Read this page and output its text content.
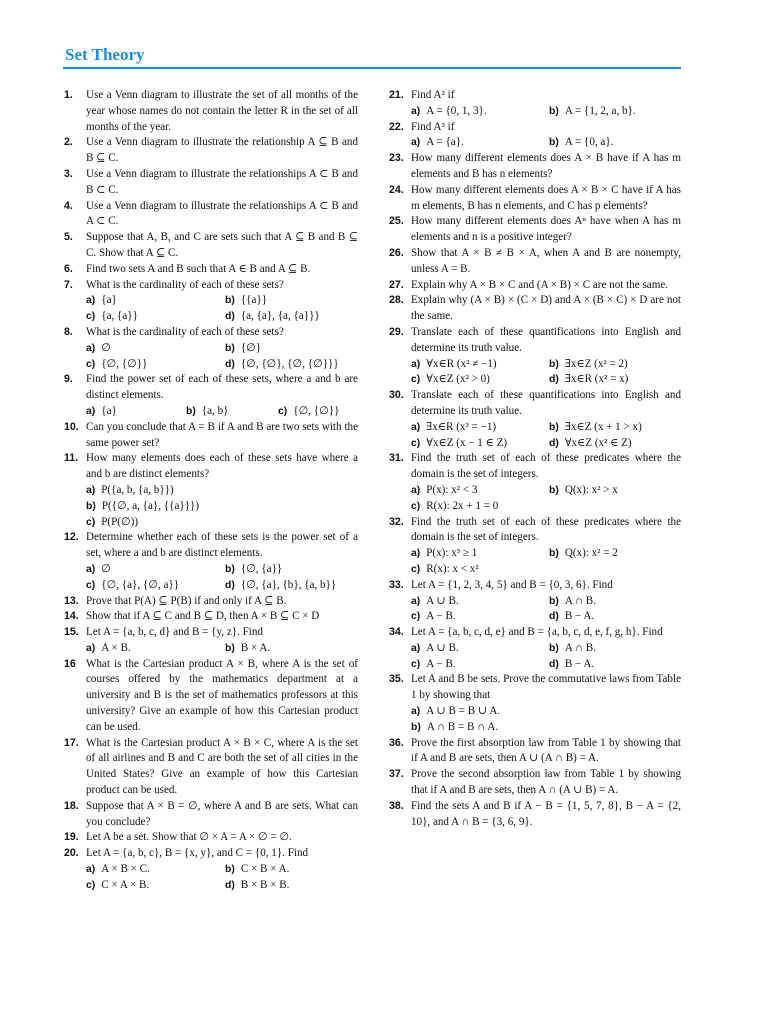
Set Theory
1. Use a Venn diagram to illustrate the set of all months of the year whose names do not contain the letter R in the set of all months of the year.
2. Use a Venn diagram to illustrate the relationship A ⊆ B and B ⊆ C.
3. Use a Venn diagram to illustrate the relationships A ⊂ B and B ⊂ C.
4. Use a Venn diagram to illustrate the relationships A ⊂ B and A ⊂ C.
5. Suppose that A, B, and C are sets such that A ⊆ B and B ⊆ C. Show that A ⊆ C.
6. Find two sets A and B such that A ∈ B and A ⊆ B.
7. What is the cardinality of each of these sets?
a) {a}	b) {{a}}
c) {a, {a}}	d) {a, {a}, {a, {a}}}
8. What is the cardinality of each of these sets?
a) ∅	b) {∅}
c) {∅, {∅}}	d) {∅, {∅}, {∅, {∅}}}
9. Find the power set of each of these sets, where a and b are distinct elements.
a) {a}	b) {a, b}	c) {∅, {∅}}
10. Can you conclude that A = B if A and B are two sets with the same power set?
11. How many elements does each of these sets have where a and b are distinct elements?
a) P({a, b, {a, b}})
b) P({∅, a, {a}, {{a}}})
c) P(P(∅))
12. Determine whether each of these sets is the power set of a set, where a and b are distinct elements.
a) ∅	b) {∅, {a}}
c) {∅, {a}, {∅, a}}	d) {∅, {a}, {b}, {a, b}}
13. Prove that P(A) ⊆ P(B) if and only if A ⊆ B.
14. Show that if A ⊆ C and B ⊆ D, then A × B ⊆ C × D
15. Let A = {a, b, c, d} and B = {y, z}. Find
a) A × B.	b) B × A.
16 What is the Cartesian product A × B, where A is the set of courses offered by the mathematics department at a university and B is the set of mathematics professors at this university? Give an example of how this Cartesian product can be used.
17. What is the Cartesian product A × B × C, where A is the set of all airlines and B and C are both the set of all cities in the United States? Give an example of how this Cartesian product can be used.
18. Suppose that A × B = ∅, where A and B are sets. What can you conclude?
19. Let A be a set. Show that ∅ × A = A × ∅ = ∅.
20. Let A = {a, b, c}, B = {x, y}, and C = {0, 1}. Find
a) A × B × C.	b) C × B × A.
c) C × A × B.	d) B × B × B.
21. Find A² if
a) A = {0, 1, 3}.	b) A = {1, 2, a, b}.
22. Find A³ if
a) A = {a}.	b) A = {0, a}.
23. How many different elements does A × B have if A has m elements and B has n elements?
24. How many different elements does A × B × C have if A has m elements, B has n elements, and C has p elements?
25. How many different elements does Aⁿ have when A has m elements and n is a positive integer?
26. Show that A × B ≠ B × A, when A and B are nonempty, unless A = B.
27. Explain why A × B × C and (A × B) × C are not the same.
28. Explain why (A × B) × (C × D) and A × (B × C) × D are not the same.
29. Translate each of these quantifications into English and determine its truth value.
a) ∀x∈R (x² ≠ −1)	b) ∃x∈Z (x² = 2)
c) ∀x∈Z (x² > 0)	d) ∃x∈R (x² = x)
30. Translate each of these quantifications into English and determine its truth value.
a) ∃x∈R (x³ = −1)	b) ∃x∈Z (x + 1 > x)
c) ∀x∈Z (x − 1 ∈ Z)	d) ∀x∈Z (x² ∈ Z)
31. Find the truth set of each of these predicates where the domain is the set of integers.
a) P(x): x² < 3	b) Q(x): x² > x
c) R(x): 2x + 1 = 0
32. Find the truth set of each of these predicates where the domain is the set of integers.
a) P(x): x³ ≥ 1	b) Q(x): x² = 2
c) R(x): x < x²
33. Let A = {1, 2, 3, 4, 5} and B = {0, 3, 6}. Find
a) A ∪ B.	b) A ∩ B.
c) A − B.	d) B − A.
34. Let A = {a, b, c, d, e} and B = {a, b, c, d, e, f, g, h}. Find
a) A ∪ B.	b) A ∩ B.
c) A − B.	d) B − A.
35. Let A and B be sets. Prove the commutative laws from Table 1 by showing that
a) A ∪ B = B ∪ A.
b) A ∩ B = B ∩ A.
36. Prove the first absorption law from Table 1 by showing that if A and B are sets, then A ∪ (A ∩ B) = A.
37. Prove the second absorption law from Table 1 by showing that if A and B are sets, then A ∩ (A ∪ B) = A.
38. Find the sets A and B if A − B = {1, 5, 7, 8}, B − A = {2, 10}, and A ∩ B = {3, 6, 9}.
